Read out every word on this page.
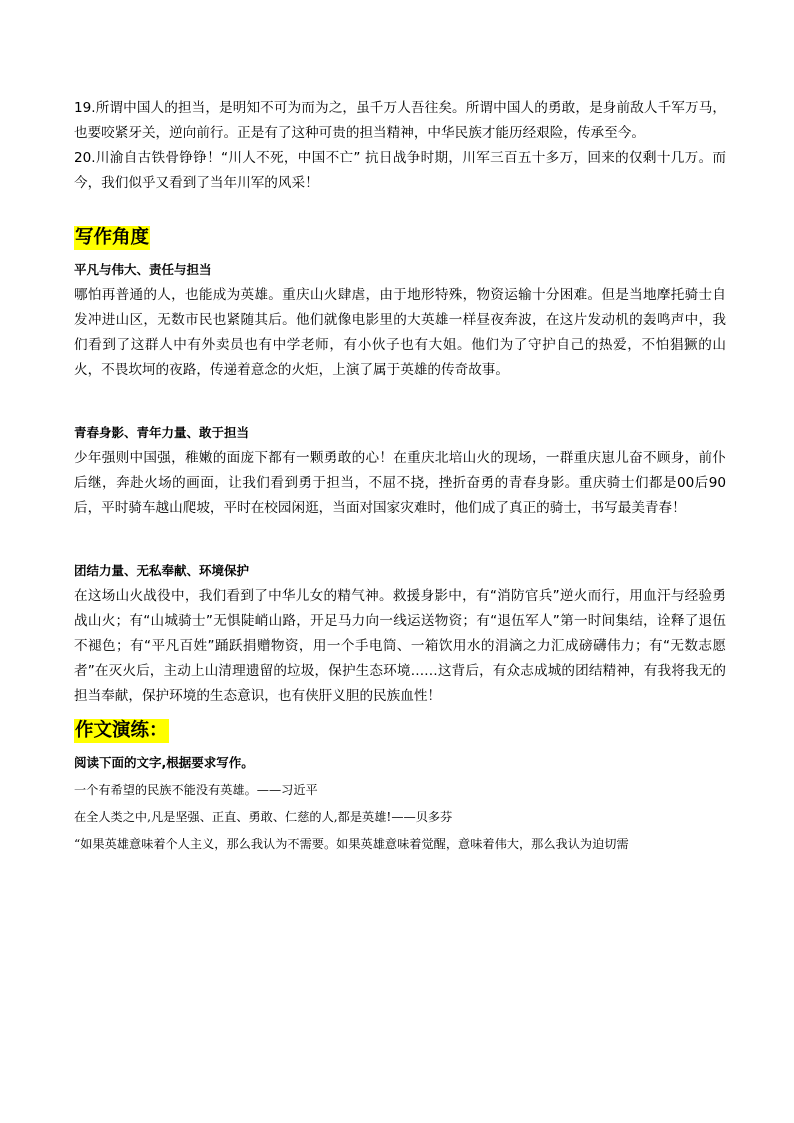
19.所谓中国人的担当，是明知不可为而为之，虽千万人吾往矣。所谓中国人的勇敢，是身前敌人千军万马，也要咬紧牙关，逆向前行。正是有了这种可贵的担当精神，中华民族才能历经艰险，传承至今。

20.川渝自古铁骨铮铮！“川人不死，中国不亡” 抗日战争时期，川军三百五十多万，回来的仅剩十几万。而今，我们似乎又看到了当年川军的风采！

写作角度

平凡与伟大、责任与担当

哪怕再普通的人，也能成为英雄。重庆山火肆虐，由于地形特殊，物资运输十分困难。但是当地摩托骑士自发冲进山区，无数市民也紧随其后。他们就像电影里的大英雄一样昼夜奔波，在这片发动机的轰鸣声中，我们看到了这群人中有外卖员也有中学老师，有小伙子也有大姐。他们为了守护自己的热爱，不怕猖獗的山火，不畏坎坷的夜路，传递着意念的火炬，上演了属于英雄的传奇故事。

青春身影、青年力量、敢于担当

少年强则中国强，稚嫩的面庞下都有一颗勇敢的心！在重庆北培山火的现场，一群重庆崽儿奋不顾身，前仆后继，奔赴火场的画面，让我们看到勇于担当，不屈不挠，挫折奋勇的青春身影。重庆骑士们都是00后90后，平时骑车越山爬坡，平时在校园闲逛，当面对国家灾难时，他们成了真正的骑士，书写最美青春！

团结力量、无私奉献、环境保护

在这场山火战役中，我们看到了中华儿女的精气神。救援身影中，有“消防官兵”逆火而行，用血汗与经验勇战山火；有“山城骑士”无惧陡峭山路，开足马力向一线运送物资；有“退伍军人”第一时间集结，诠释了退伍不褪色；有“平凡百姓”踊跃捐赠物资，用一个手电筒、一箱饮用水的涓滴之力汇成磅礴伟力；有“无数志愿者”在灭火后，主动上山清理遗留的垃圾，保护生态环境……这背后，有众志成城的团结精神，有我将我无的担当奉献，保护环境的生态意识，也有侠肝义胆的民族血性！

作文演练：

阅读下面的文字,根据要求写作。

一个有希望的民族不能没有英雄。——习近平

在全人类之中,凡是坚强、正直、勇敢、仁慈的人,都是英雄!——贝多芬

“如果英雄意味着个人主义，那么我认为不需要。如果英雄意味着觉醒，意味着伟大，那么我认为迫切需
